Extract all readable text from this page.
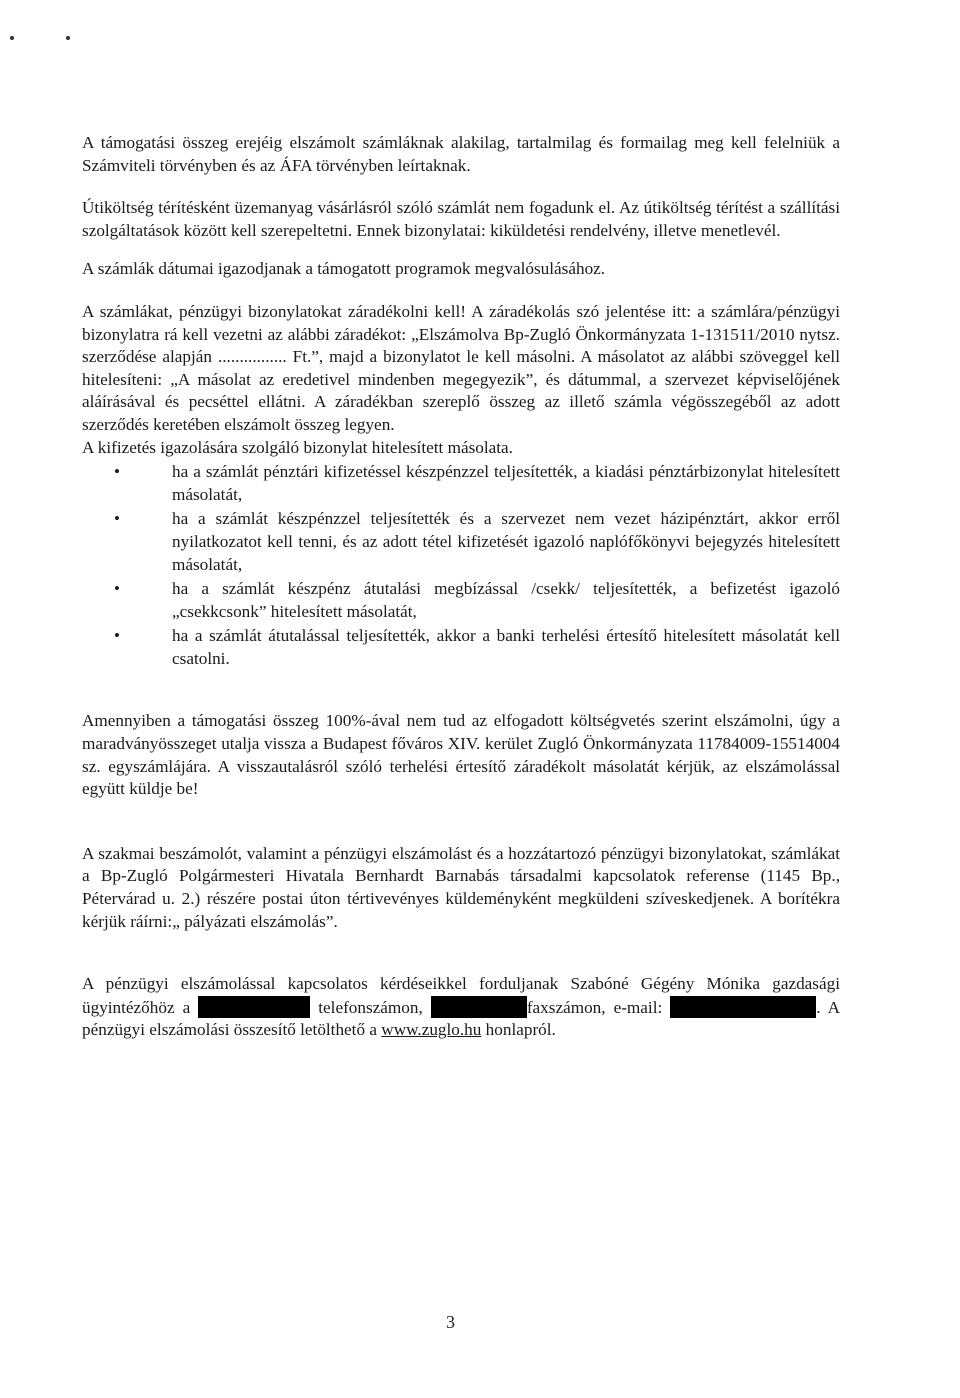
A támogatási összeg erejéig elszámolt számláknak alakilag, tartalmilag és formailag meg kell felelniük a Számviteli törvényben és az ÁFA törvényben leírtaknak.

Útiköltség térítésként üzemanyag vásárlásról szóló számlát nem fogadunk el. Az útiköltség térítést a szállítási szolgáltatások között kell szerepeltetni. Ennek bizonylatai: kiküldetési rendelvény, illetve menetlevél.

A számlák dátumai igazodjanak a támogatott programok megvalósulásához.

A számlákat, pénzügyi bizonylatokat záradékolni kell! A záradékolás szó jelentése itt: a számlára/pénzügyi bizonylatra rá kell vezetni az alábbi záradékot: „Elszámolva Bp-Zugló Önkormányzata 1-131511/2010 nytsz. szerződése alapján ................ Ft.”, majd a bizonylatot le kell másolni. A másolatot az alábbi szöveggel kell hitelesíteni: „A másolat az eredetivel mindenben megegyezik”, és dátummal, a szervezet képviselőjének aláírásával és pecséttel ellátni. A záradékban szereplő összeg az illető számla végösszegéből az adott szerződés keretében elszámolt összeg legyen.

A kifizetés igazolására szolgáló bizonylat hitelesített másolata.

•	ha a számlát pénztári kifizetéssel készpénzzel teljesítették, a kiadási pénztárbizonylat hitelesített másolatát,
•	ha a számlát készpénzzel teljesítették és a szervezet nem vezet házipénztárt, akkor erről nyilatkozatot kell tenni, és az adott tétel kifizetését igazoló naplófőkönyvi bejegyzés hitelesített másolatát,
•	ha a számlát készpénz átutalási megbízással /csekk/ teljesítették, a befizetést igazoló „csekkcsonk” hitelesített másolatát,
•	ha a számlát átutalással teljesítették, akkor a banki terhelési értesítő hitelesített másolatát kell csatolni.

Amennyiben a támogatási összeg 100%-ával nem tud az elfogadott költségvetés szerint elszámolni, úgy a maradványösszeget utalja vissza a Budapest főváros XIV. kerület Zugló Önkormányzata 11784009-15514004 sz. egyszámlájára. A visszautalásról szóló terhelési értesítő záradékolt másolatát kérjük, az elszámolással együtt küldje be!

A szakmai beszámolót, valamint a pénzügyi elszámolást és a hozzátartozó pénzügyi bizonylatokat, számlákat a Bp-Zugló Polgármesteri Hivatala Bernhardt Barnabás társadalmi kapcsolatok referense (1145 Bp., Pétervárad u. 2.) részére postai úton tértivevényes küldeményként megküldeni szíveskedjenek. A borítékra kérjük ráírni:„ pályázati elszámolás”.

A pénzügyi elszámolással kapcsolatos kérdéseikkel forduljanak Szabóné Gégény Mónika gazdasági ügyintézőhöz a	telefonszámon,	faxszámon, e-mail:	. A pénzügyi elszámolási összesítő letölthető a www.zuglo.hu honlapról.

3
